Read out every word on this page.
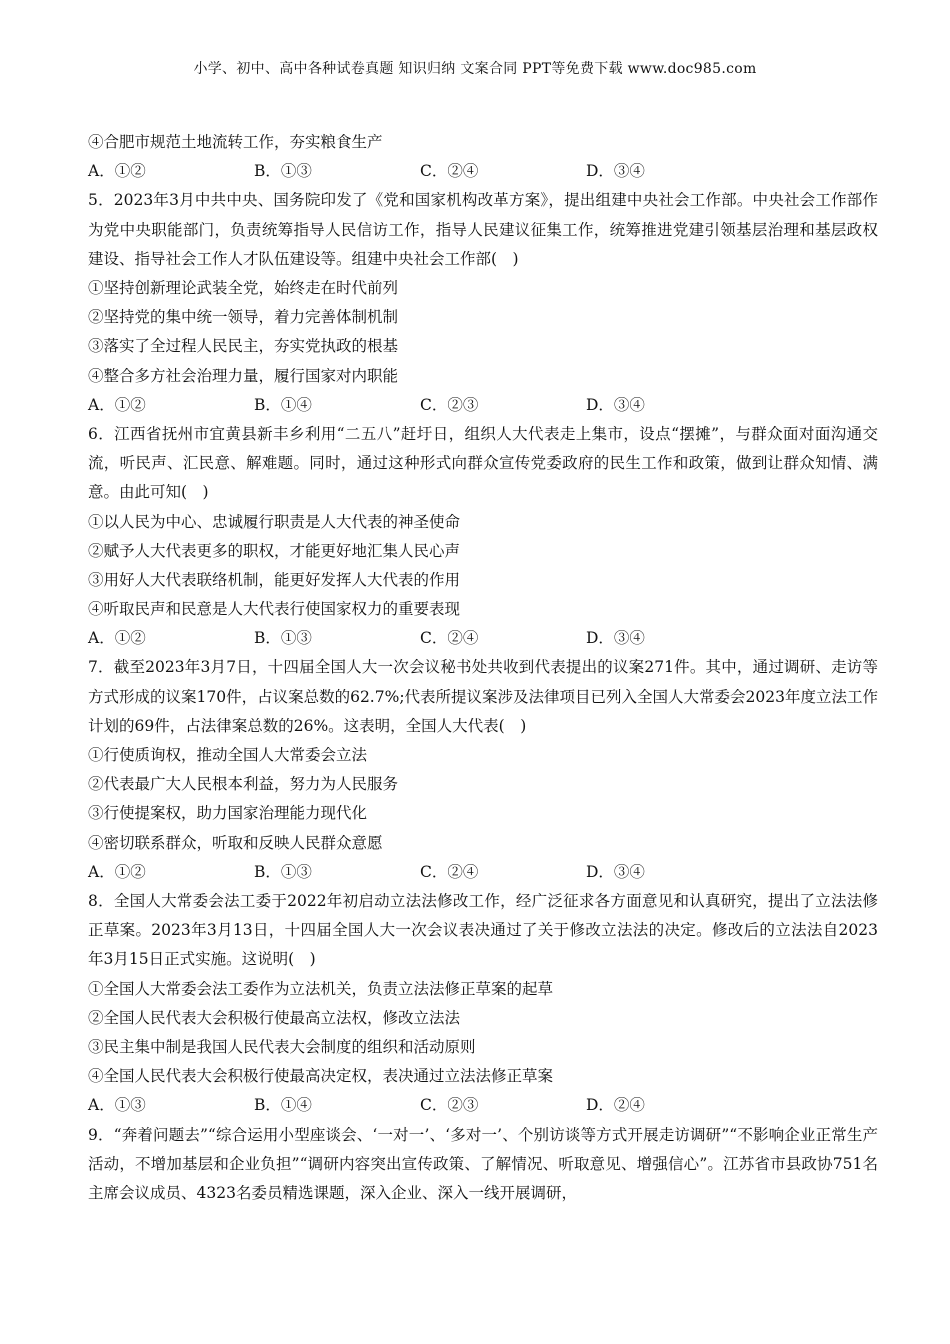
小学、初中、高中各种试卷真题 知识归纳 文案合同 PPT等免费下载 www.doc985.com
④合肥市规范土地流转工作，夯实粮食生产
A．①②	B．①③	C．②④	D．③④
5．2023年3月中共中央、国务院印发了《党和国家机构改革方案》，提出组建中央社会工作部。中央社会工作部作为党中央职能部门，负责统筹指导人民信访工作，指导人民建议征集工作，统筹推进党建引领基层治理和基层政权建设、指导社会工作人才队伍建设等。组建中央社会工作部(　)
①坚持创新理论武装全党，始终走在时代前列
②坚持党的集中统一领导，着力完善体制机制
③落实了全过程人民民主，夯实党执政的根基
④整合多方社会治理力量，履行国家对内职能
A．①②	B．①④	C．②③	D．③④
6．江西省抚州市宜黄县新丰乡利用“二五八”赶圩日，组织人大代表走上集市，设点“摆摊”，与群众面对面沟通交流，听民声、汇民意、解难题。同时，通过这种形式向群众宣传党委政府的民生工作和政策，做到让群众知情、满意。由此可知(　)
①以人民为中心、忠诚履行职责是人大代表的神圣使命
②赋予人大代表更多的职权，才能更好地汇集人民心声
③用好人大代表联络机制，能更好发挥人大代表的作用
④听取民声和民意是人大代表行使国家权力的重要表现
A．①②	B．①③	C．②④	D．③④
7．截至2023年3月7日，十四届全国人大一次会议秘书处共收到代表提出的议案271件。其中，通过调研、走访等方式形成的议案170件，占议案总数的62.7%;代表所提议案涉及法律项目已列入全国人大常委会2023年度立法工作计划的69件，占法律案总数的26%。这表明，全国人大代表(　)
①行使质询权，推动全国人大常委会立法
②代表最广大人民根本利益，努力为人民服务
③行使提案权，助力国家治理能力现代化
④密切联系群众，听取和反映人民群众意愿
A．①②	B．①③	C．②④	D．③④
8．全国人大常委会法工委于2022年初启动立法法修改工作，经广泛征求各方面意见和认真研究，提出了立法法修正草案。2023年3月13日，十四届全国人大一次会议表决通过了关于修改立法法的决定。修改后的立法法自2023年3月15日正式实施。这说明(　)
①全国人大常委会法工委作为立法机关，负责立法法修正草案的起草
②全国人民代表大会积极行使最高立法权，修改立法法
③民主集中制是我国人民代表大会制度的组织和活动原则
④全国人民代表大会积极行使最高决定权，表决通过立法法修正草案
A．①③	B．①④	C．②③	D．②④
9．“奔着问题去”“综合运用小型座谈会、‘一对一’、‘多对一’、个别访谈等方式开展走访调研”“不影响企业正常生产活动，不增加基层和企业负担”“调研内容突出宣传政策、了解情况、听取意见、增强信心”。江苏省市县政协751名主席会议成员、4323名委员精选课题，深入企业、深入一线开展调研，
